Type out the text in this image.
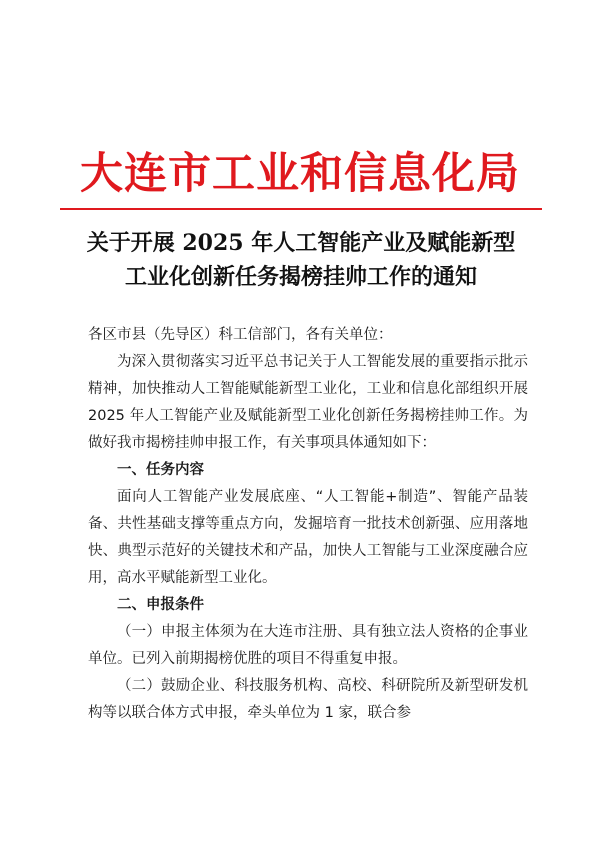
大连市工业和信息化局
关于开展 2025 年人工智能产业及赋能新型
工业化创新任务揭榜挂帅工作的通知

各区市县（先导区）科工信部门，各有关单位：

为深入贯彻落实习近平总书记关于人工智能发展的重要指示批示精神，加快推动人工智能赋能新型工业化，工业和信息化部组织开展 2025 年人工智能产业及赋能新型工业化创新任务揭榜挂帅工作。为做好我市揭榜挂帅申报工作，有关事项具体通知如下：

一、任务内容

面向人工智能产业发展底座、“人工智能+制造”、智能产品装备、共性基础支撑等重点方向，发掘培育一批技术创新强、应用落地快、典型示范好的关键技术和产品，加快人工智能与工业深度融合应用，高水平赋能新型工业化。

二、申报条件

（一）申报主体须为在大连市注册、具有独立法人资格的企事业单位。已列入前期揭榜优胜的项目不得重复申报。

（二）鼓励企业、科技服务机构、高校、科研院所及新型研发机构等以联合体方式申报，牵头单位为 1 家，联合参
